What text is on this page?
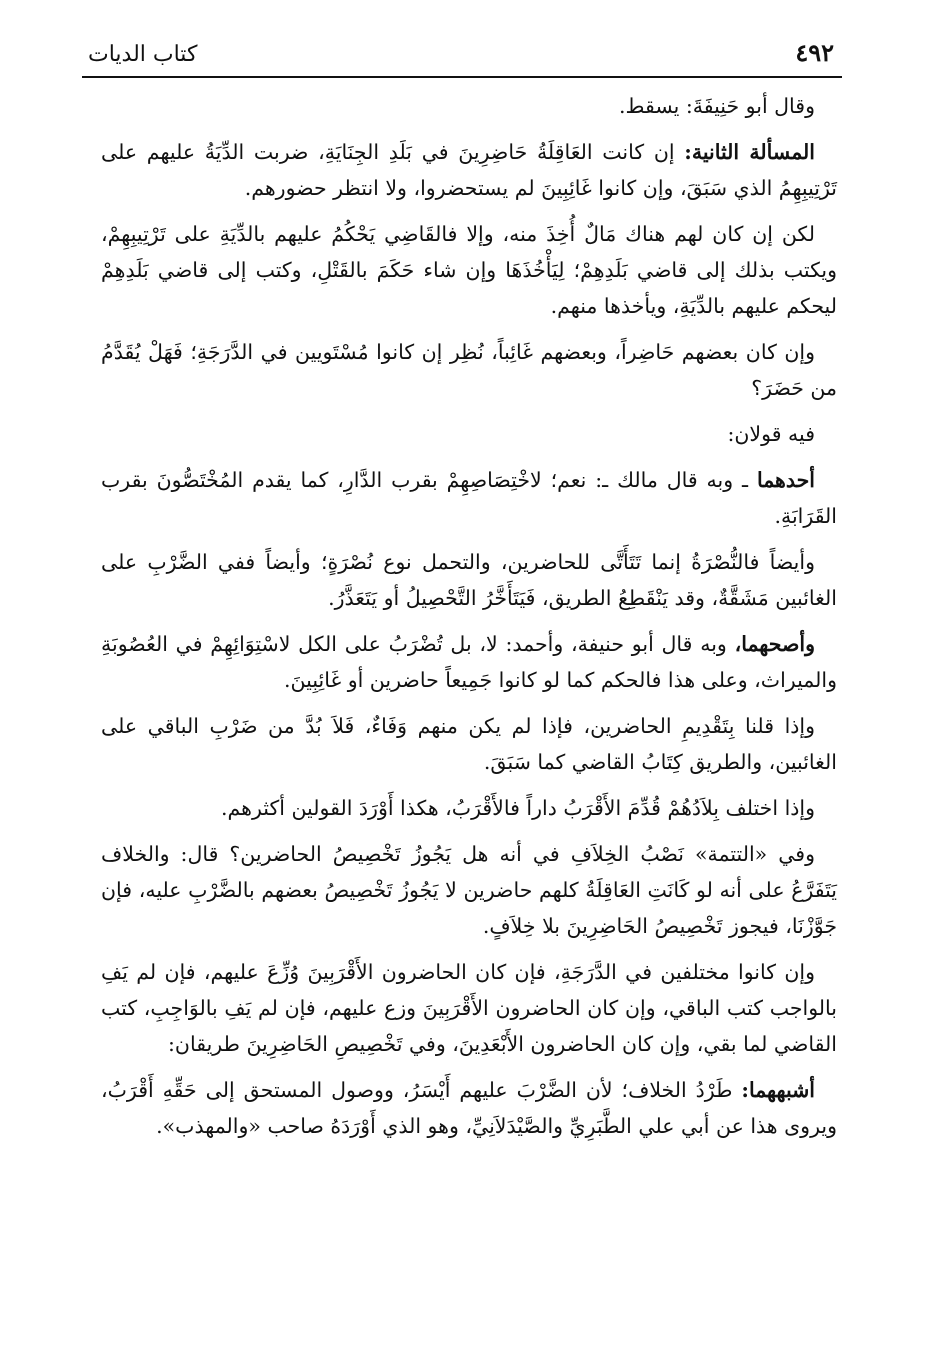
٤٩٢
كتاب الديات

وقال أبو حَنِيفَةَ: يسقط.

المسألة الثانية: إن كانت العَاقِلَةُ حَاضِرِينَ في بَلَدِ الجِنَايَةِ، ضربت الدِّيَةُ عليهم على تَرْتِيبِهِمُ الذي سَبَقَ، وإن كانوا غَائِبِينَ لم يستحضروا، ولا انتظر حضورهم.

لكن إن كان لهم هناك مَالٌ أُخِذَ منه، وإلا فالقَاضِي يَحْكُمُ عليهم بالدِّيَةِ على تَرْتِيبِهِمْ، ويكتب بذلك إلى قاضي بَلَدِهِمْ؛ لِيَأْخُذَهَا وإن شاء حَكَمَ بالقَتْلِ، وكتب إلى قاضي بَلَدِهِمْ ليحكم عليهم بالدِّيَةِ، ويأخذها منهم.

وإن كان بعضهم حَاضِراً، وبعضهم غَائِباً، نُظِر إن كانوا مُسْتَويين في الدَّرَجَةِ؛ فَهَلْ يُقَدَّمُ من حَضَرَ؟

فيه قولان:

أحدهما ـ وبه قال مالك ـ: نعم؛ لاخْتِصَاصِهِمْ بقرب الدَّارِ، كما يقدم المُخْتَصُّونَ بقرب القَرَابَةِ.

وأيضاً فالنُّصْرَةُ إنما تَتَأَتَّى للحاضرين، والتحمل نوع نُصْرَةٍ؛ وأيضاً ففي الضَّرْبِ على الغائبين مَشَقَّةٌ، وقد يَنْقَطِعُ الطريق، فَيَتَأَخَّرُ التَّحْصِيلُ أو يَتَعَذَّرُ.

وأصحهما، وبه قال أبو حنيفة، وأحمد: لا، بل تُضْرَبُ على الكل لاسْتِوَائِهِمْ في العُصُوبَةِ والميراث، وعلى هذا فالحكم كما لو كانوا جَمِيعاً حاضرين أو غَائِبِينَ.

وإذا قلنا بِتَقْدِيمِ الحاضرين، فإذا لم يكن منهم وَفَاءٌ، فَلاَ بُدَّ من ضَرْبِ الباقي على الغائبين، والطريق كِتَابُ القاضي كما سَبَقَ.

وإذا اختلف بِلاَدُهُمْ قُدِّمَ الأَقْرَبُ داراً فالأَقْرَبُ، هكذا أَوْرَدَ القولين أكثرهم.

وفي «التتمة» نَصْبُ الخِلاَفِ في أنه هل يَجُوزُ تَخْصِيصُ الحاضرين؟ قال: والخلاف يَتَفَرَّعُ على أنه لو كَانَتِ العَاقِلَةُ كلهم حاضرين لا يَجُوزُ تَخْصِيصُ بعضهم بالضَّرْبِ عليه، فإن جَوَّزْنَا، فيجوز تَخْصِيصُ الحَاضِرِينَ بلا خِلاَفٍ.

وإن كانوا مختلفين في الدَّرَجَةِ، فإن كان الحاضرون الأَقْرَبِينَ وُزِّعَ عليهم، فإن لم يَفِ بالواجب كتب الباقي، وإن كان الحاضرون الأَقْرَبِينَ وزع عليهم، فإن لم يَفِ بالوَاجِبِ، كتب القاضي لما بقي، وإن كان الحاضرون الأَبْعَدِينَ، وفي تَخْصِيصِ الحَاضِرِينَ طريقان:

أشبههما: طَرْدُ الخلاف؛ لأن الضَّرْبَ عليهم أَيْسَرُ، ووصول المستحق إلى حَقِّهِ أَقْرَبُ، ويروى هذا عن أبي علي الطَّبَرِيِّ والصَّيْدَلاَنِيِّ، وهو الذي أَوْرَدَهُ صاحب «والمهذب».
